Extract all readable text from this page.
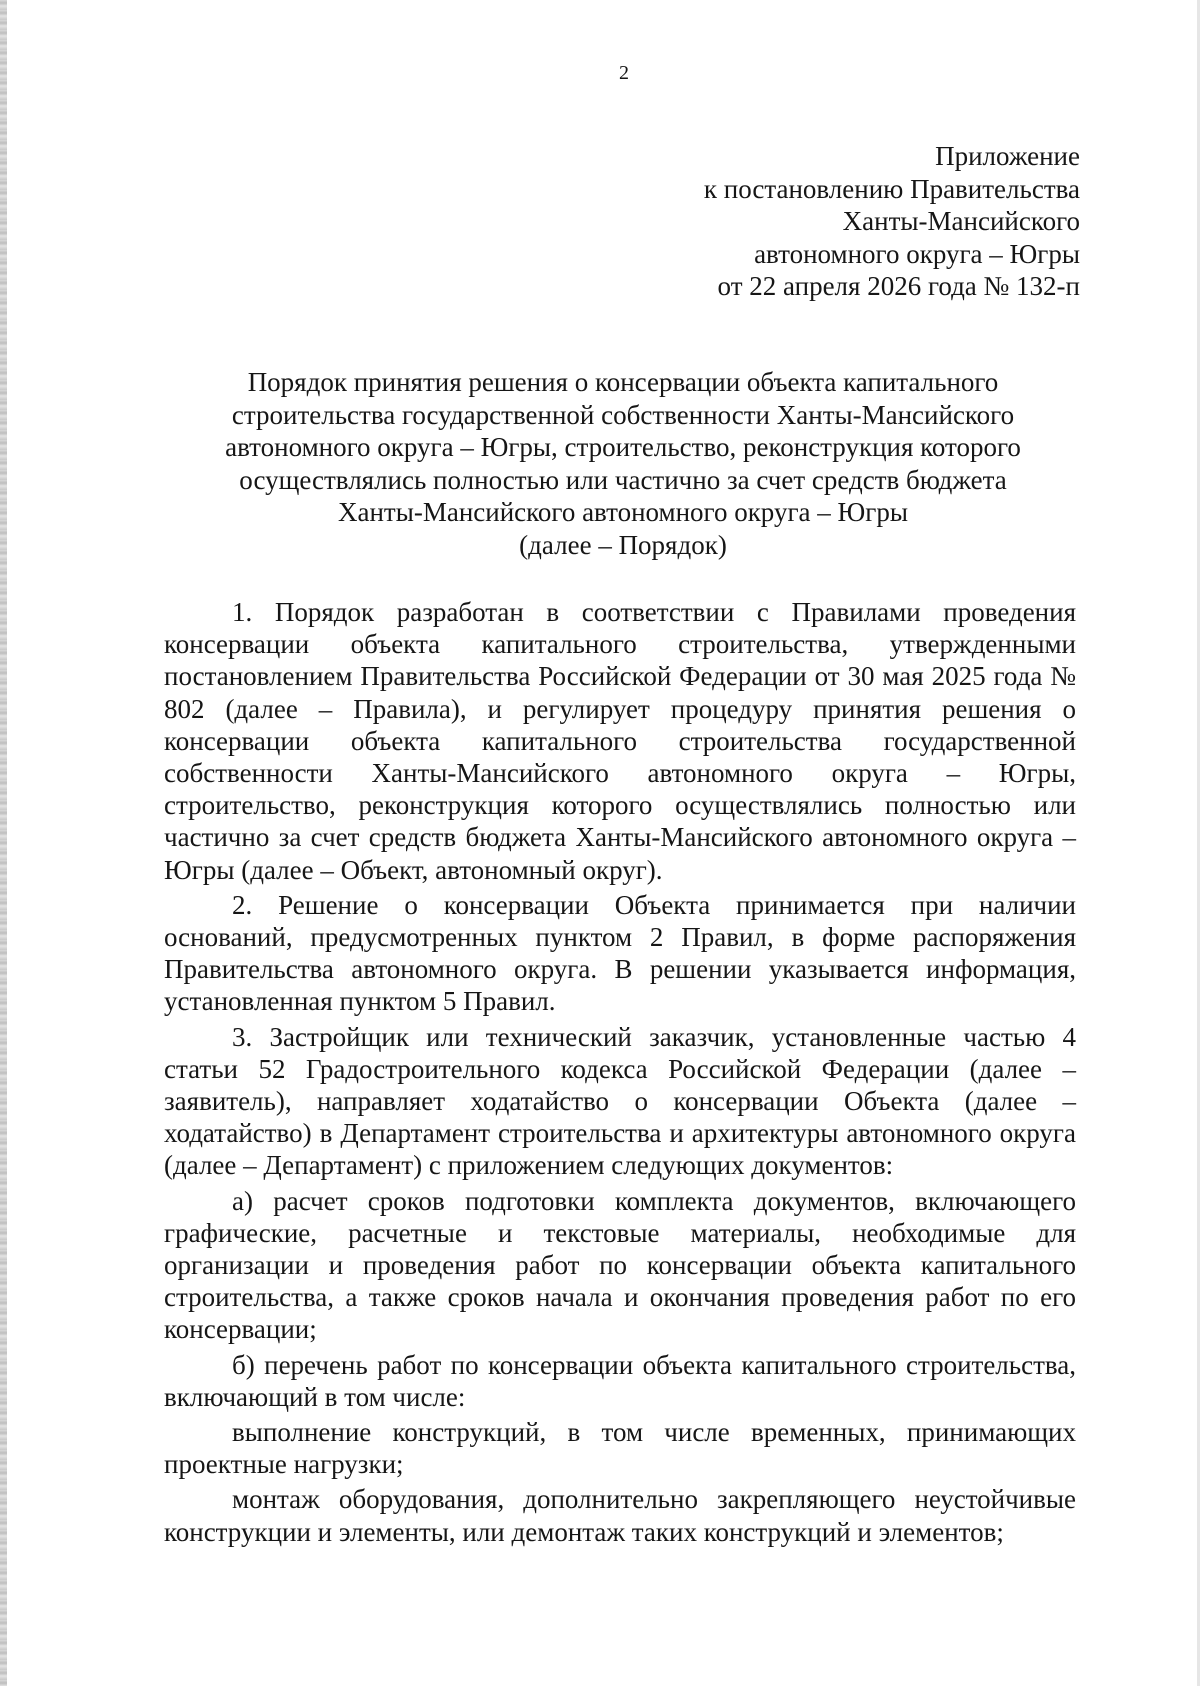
2
Приложение
к постановлению Правительства
Ханты-Мансийского
автономного округа – Югры
от 22 апреля 2026 года № 132-п
Порядок принятия решения о консервации объекта капитального
строительства государственной собственности Ханты-Мансийского
автономного округа – Югры, строительство, реконструкция которого
осуществлялись полностью или частично за счет средств бюджета
Ханты-Мансийского автономного округа – Югры
(далее – Порядок)

1. Порядок разработан в соответствии с Правилами проведения консервации объекта капитального строительства, утвержденными постановлением Правительства Российской Федерации от 30 мая 2025 года № 802 (далее – Правила), и регулирует процедуру принятия решения о консервации объекта капитального строительства государственной собственности Ханты-Мансийского автономного округа – Югры, строительство, реконструкция которого осуществлялись полностью или частично за счет средств бюджета Ханты-Мансийского автономного округа – Югры (далее – Объект, автономный округ).

2. Решение о консервации Объекта принимается при наличии оснований, предусмотренных пунктом 2 Правил, в форме распоряжения Правительства автономного округа. В решении указывается информация, установленная пунктом 5 Правил.

3. Застройщик или технический заказчик, установленные частью 4 статьи 52 Градостроительного кодекса Российской Федерации (далее – заявитель), направляет ходатайство о консервации Объекта (далее – ходатайство) в Департамент строительства и архитектуры автономного округа (далее – Департамент) с приложением следующих документов:

а) расчет сроков подготовки комплекта документов, включающего графические, расчетные и текстовые материалы, необходимые для организации и проведения работ по консервации объекта капитального строительства, а также сроков начала и окончания проведения работ по его консервации;

б) перечень работ по консервации объекта капитального строительства, включающий в том числе:

выполнение конструкций, в том числе временных, принимающих проектные нагрузки;

монтаж оборудования, дополнительно закрепляющего неустойчивые конструкции и элементы, или демонтаж таких конструкций и элементов;
